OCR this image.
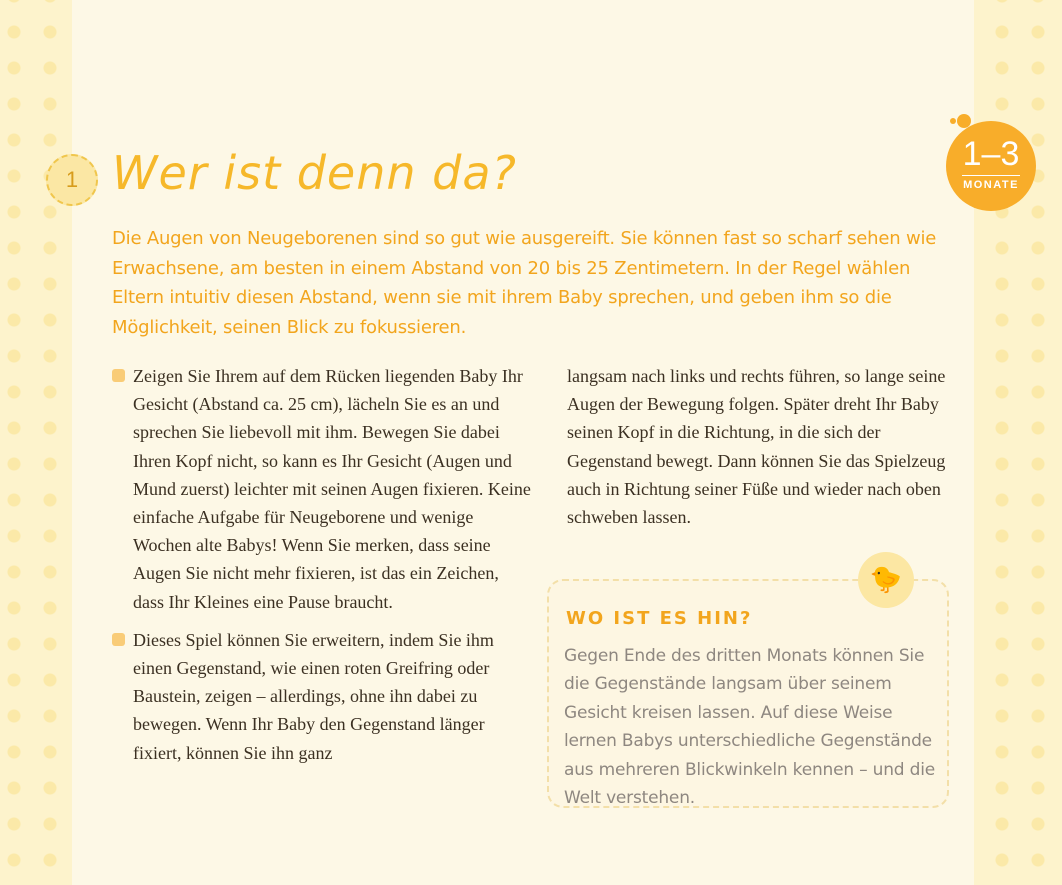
1 Wer ist denn da?	1–3
MONATE

Die Augen von Neugeborenen sind so gut wie ausgereift. Sie können fast so scharf sehen wie Erwachsene, am besten in einem Abstand von 20 bis 25 Zentimetern. In der Regel wählen Eltern intuitiv diesen Abstand, wenn sie mit ihrem Baby sprechen, und geben ihm so die Möglichkeit, seinen Blick zu fokussieren.

Zeigen Sie Ihrem auf dem Rücken liegenden Baby Ihr Gesicht (Abstand ca. 25 cm), lächeln Sie es an und sprechen Sie liebevoll mit ihm. Bewegen Sie dabei Ihren Kopf nicht, so kann es Ihr Gesicht (Augen und Mund zuerst) leichter mit seinen Augen fixieren. Keine einfache Aufgabe für Neugeborene und wenige Wochen alte Babys! Wenn Sie merken, dass seine Augen Sie nicht mehr fixieren, ist das ein Zeichen, dass Ihr Kleines eine Pause braucht.

Dieses Spiel können Sie erweitern, indem Sie ihm einen Gegenstand, wie einen roten Greifring oder Baustein, zeigen – allerdings, ohne ihn dabei zu bewegen. Wenn Ihr Baby den Gegenstand länger fixiert, können Sie ihn ganz

langsam nach links und rechts führen, so lange seine Augen der Bewegung folgen. Später dreht Ihr Baby seinen Kopf in die Richtung, in die sich der Gegenstand bewegt. Dann können Sie das Spielzeug auch in Richtung seiner Füße und wieder nach oben schweben lassen.

🐤
WO IST ES HIN?

Gegen Ende des dritten Monats können Sie die Gegenstände langsam über seinem Gesicht kreisen lassen. Auf diese Weise lernen Babys unterschiedliche Gegenstände aus mehreren Blickwinkeln kennen – und die Welt verstehen.
